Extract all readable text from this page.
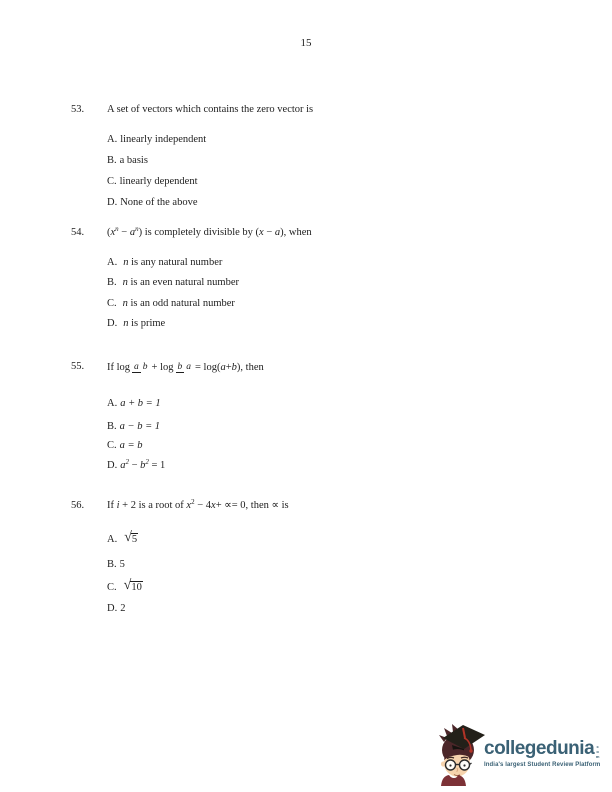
15
53. A set of vectors which contains the zero vector is
A. linearly independent
B. a basis
C. linearly dependent
D. None of the above
54. $(x^n - a^n)$ is completely divisible by (x − a), when
A. n is any natural number
B. n is an even natural number
C. n is an odd natural number
D. n is prime
55. If log a b + log b a = log( a + b ), then
A. a + b = 1
B. a − b = 1
C. a = b
D. $a^2 - b^2 = 1$
56. If i + 2 is a root of $x^2 - 4x+ \propto= 0$, then ∝ is
A. √ 5
B. 5
C. √ 10
D. 2
collegedunia com
India's largest Student Review Platform
